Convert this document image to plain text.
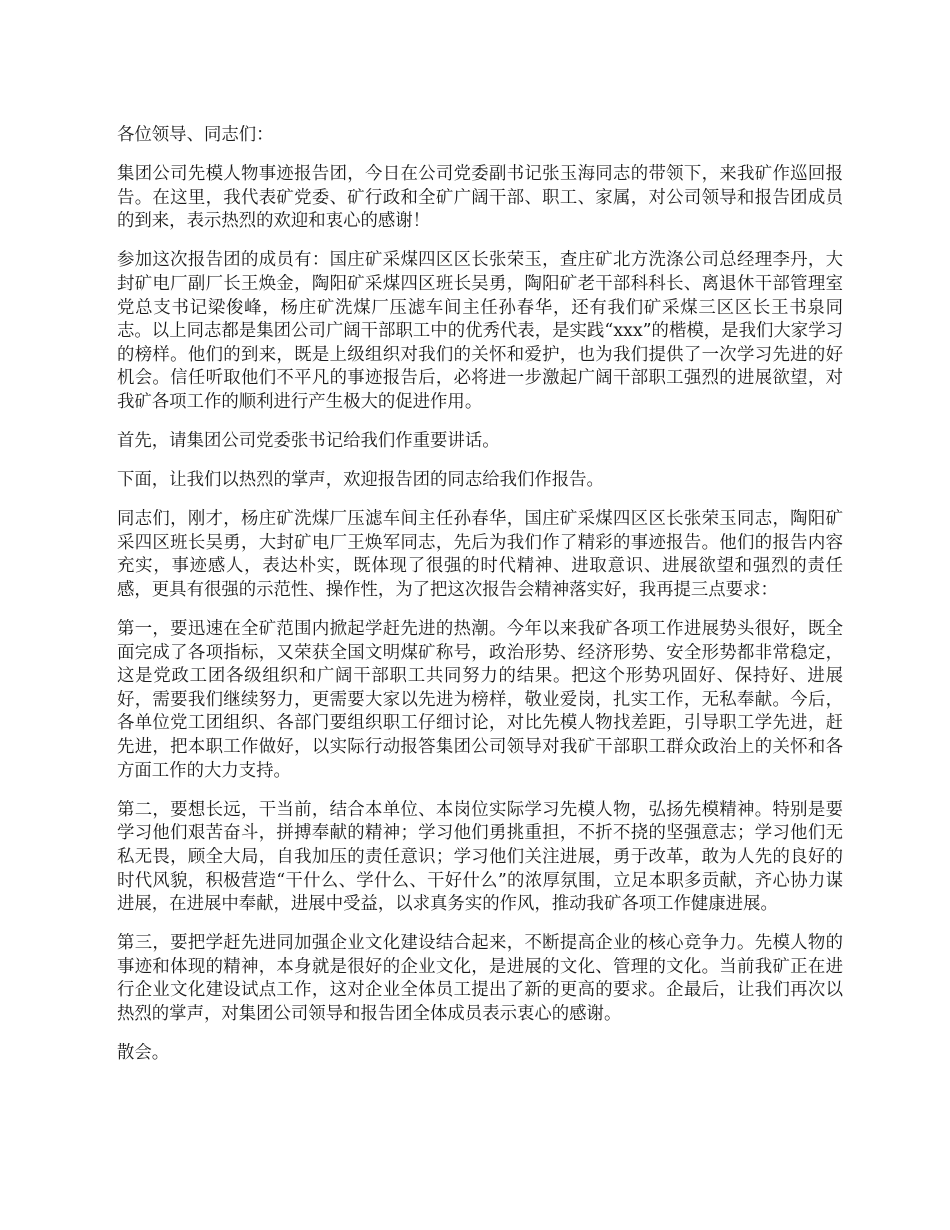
各位领导、同志们：

集团公司先模人物事迹报告团，今日在公司党委副书记张玉海同志的带领下，来我矿作巡回报告。在这里，我代表矿党委、矿行政和全矿广阔干部、职工、家属，对公司领导和报告团成员的到来，表示热烈的欢迎和衷心的感谢！

参加这次报告团的成员有：国庄矿采煤四区区长张荣玉，查庄矿北方洗涤公司总经理李丹，大封矿电厂副厂长王焕金，陶阳矿采煤四区班长吴勇，陶阳矿老干部科科长、离退休干部管理室党总支书记梁俊峰，杨庄矿洗煤厂压滤车间主任孙春华，还有我们矿采煤三区区长王书泉同志。以上同志都是集团公司广阔干部职工中的优秀代表，是实践“xxx”的楷模，是我们大家学习的榜样。他们的到来，既是上级组织对我们的关怀和爱护，也为我们提供了一次学习先进的好机会。信任听取他们不平凡的事迹报告后，必将进一步激起广阔干部职工强烈的进展欲望，对我矿各项工作的顺利进行产生极大的促进作用。

首先，请集团公司党委张书记给我们作重要讲话。

下面，让我们以热烈的掌声，欢迎报告团的同志给我们作报告。

同志们，刚才，杨庄矿洗煤厂压滤车间主任孙春华，国庄矿采煤四区区长张荣玉同志，陶阳矿采四区班长吴勇，大封矿电厂王焕军同志，先后为我们作了精彩的事迹报告。他们的报告内容充实，事迹感人，表达朴实，既体现了很强的时代精神、进取意识、进展欲望和强烈的责任感，更具有很强的示范性、操作性，为了把这次报告会精神落实好，我再提三点要求：

第一，要迅速在全矿范围内掀起学赶先进的热潮。今年以来我矿各项工作进展势头很好，既全面完成了各项指标，又荣获全国文明煤矿称号，政治形势、经济形势、安全形势都非常稳定，这是党政工团各级组织和广阔干部职工共同努力的结果。把这个形势巩固好、保持好、进展好，需要我们继续努力，更需要大家以先进为榜样，敬业爱岗，扎实工作，无私奉献。今后，各单位党工团组织、各部门要组织职工仔细讨论，对比先模人物找差距，引导职工学先进，赶先进，把本职工作做好，以实际行动报答集团公司领导对我矿干部职工群众政治上的关怀和各方面工作的大力支持。

第二，要想长远，干当前，结合本单位、本岗位实际学习先模人物，弘扬先模精神。特别是要学习他们艰苦奋斗，拼搏奉献的精神；学习他们勇挑重担，不折不挠的坚强意志；学习他们无私无畏，顾全大局，自我加压的责任意识；学习他们关注进展，勇于改革，敢为人先的良好的时代风貌，积极营造“干什么、学什么、干好什么”的浓厚氛围，立足本职多贡献，齐心协力谋进展，在进展中奉献，进展中受益，以求真务实的作风，推动我矿各项工作健康进展。

第三，要把学赶先进同加强企业文化建设结合起来，不断提高企业的核心竞争力。先模人物的事迹和体现的精神，本身就是很好的企业文化，是进展的文化、管理的文化。当前我矿正在进行企业文化建设试点工作，这对企业全体员工提出了新的更高的要求。企最后，让我们再次以热烈的掌声，对集团公司领导和报告团全体成员表示衷心的感谢。

散会。
